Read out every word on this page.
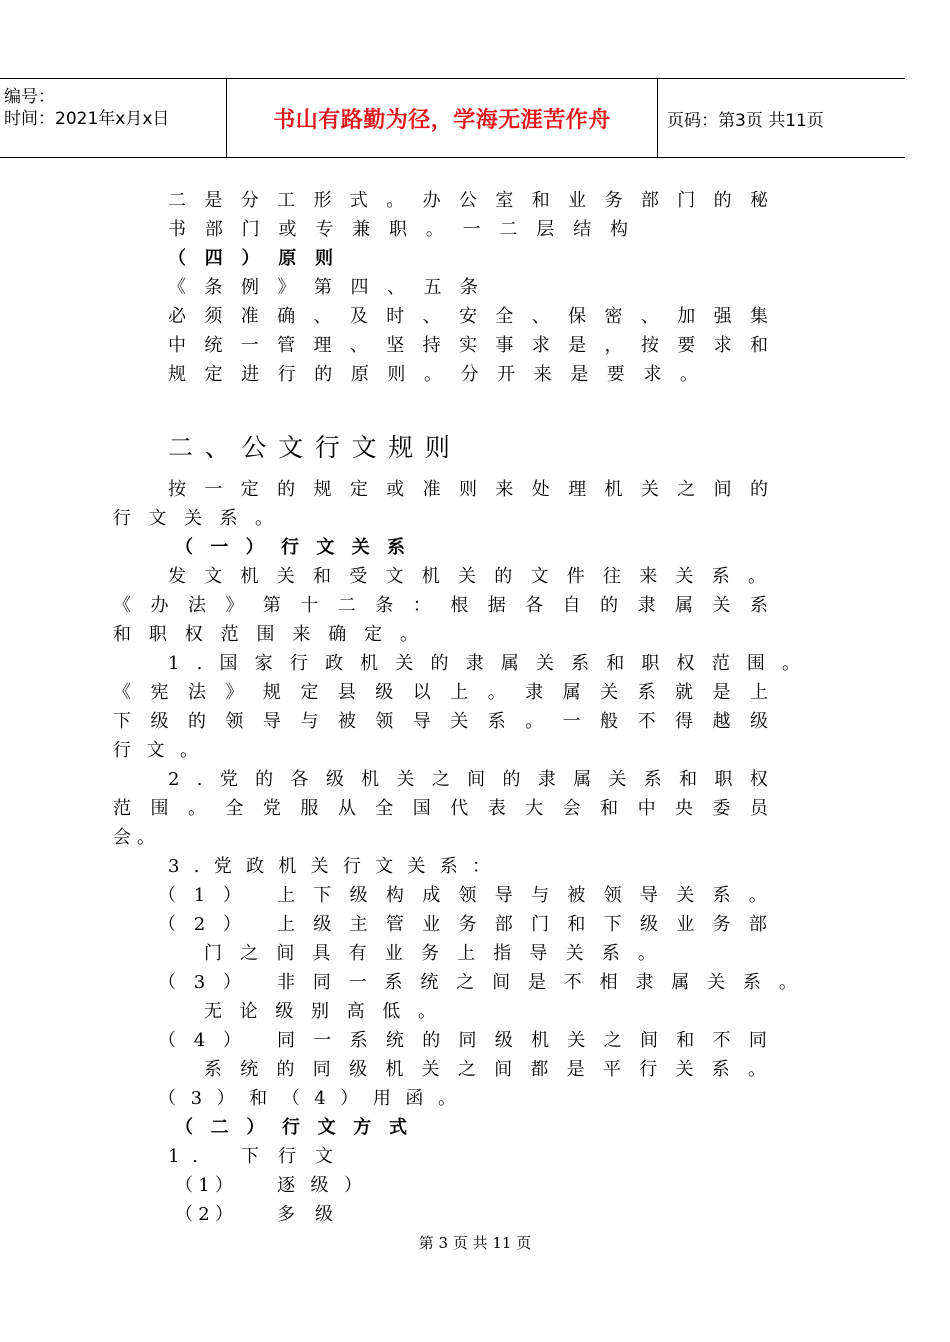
编号：
时间：2021年x月x日	书山有路勤为径，学海无涯苦作舟	页码：第3页 共11页
二 是 分 工 形 式 。 办 公 室 和 业 务 部 门 的 秘
书 部 门 或 专 兼 职 。 一 二 层 结 构
（ 四 ） 原 则
《 条 例 》 第 四 、 五 条
必 须 准 确 、 及 时 、 安 全 、 保 密 、 加 强 集
中 统 一 管 理 、 坚 持 实 事 求 是 ， 按 要 求 和
规 定 进 行 的 原 则 。 分 开 来 是 要 求 。
二 、 公 文 行 文 规 则
按 一 定 的 规 定 或 准 则 来 处 理 机 关 之 间 的
行 文 关 系 。
（ 一 ） 行 文 关 系
发 文 机 关 和 受 文 机 关 的 文 件 往 来 关 系 。
《 办 法 》 第 十 二 条 ： 根 据 各 自 的 隶 属 关 系
和 职 权 范 围 来 确 定 。
1 . 国 家 行 政 机 关 的 隶 属 关 系 和 职 权 范 围 。
《 宪 法 》 规 定 县 级 以 上 。 隶 属 关 系 就 是 上
下 级 的 领 导 与 被 领 导 关 系 。 一 般 不 得 越 级
行 文 。
2 . 党 的 各 级 机 关 之 间 的 隶 属 关 系 和 职 权
范 围 。 全 党 服 从 全 国 代 表 大 会 和 中 央 委 员
会 。
3 . 党 政 机 关 行 文 关 系 ：
（ 1 ） 上 下 级 构 成 领 导 与 被 领 导 关 系 。
（ 2 ） 上 级 主 管 业 务 部 门 和 下 级 业 务 部
门 之 间 具 有 业 务 上 指 导 关 系 。
（ 3 ） 非 同 一 系 统 之 间 是 不 相 隶 属 关 系 。
无 论 级 别 高 低 。
（ 4 ） 同 一 系 统 的 同 级 机 关 之 间 和 不 同
系 统 的 同 级 机 关 之 间 都 是 平 行 关 系 。
（ 3 ） 和 （ 4 ） 用 函 。
（ 二 ） 行 文 方 式
1 . 下 行 文
（ 1 ） 逐 级 ）
（ 2 ） 多 级
第 3 页 共 11 页
